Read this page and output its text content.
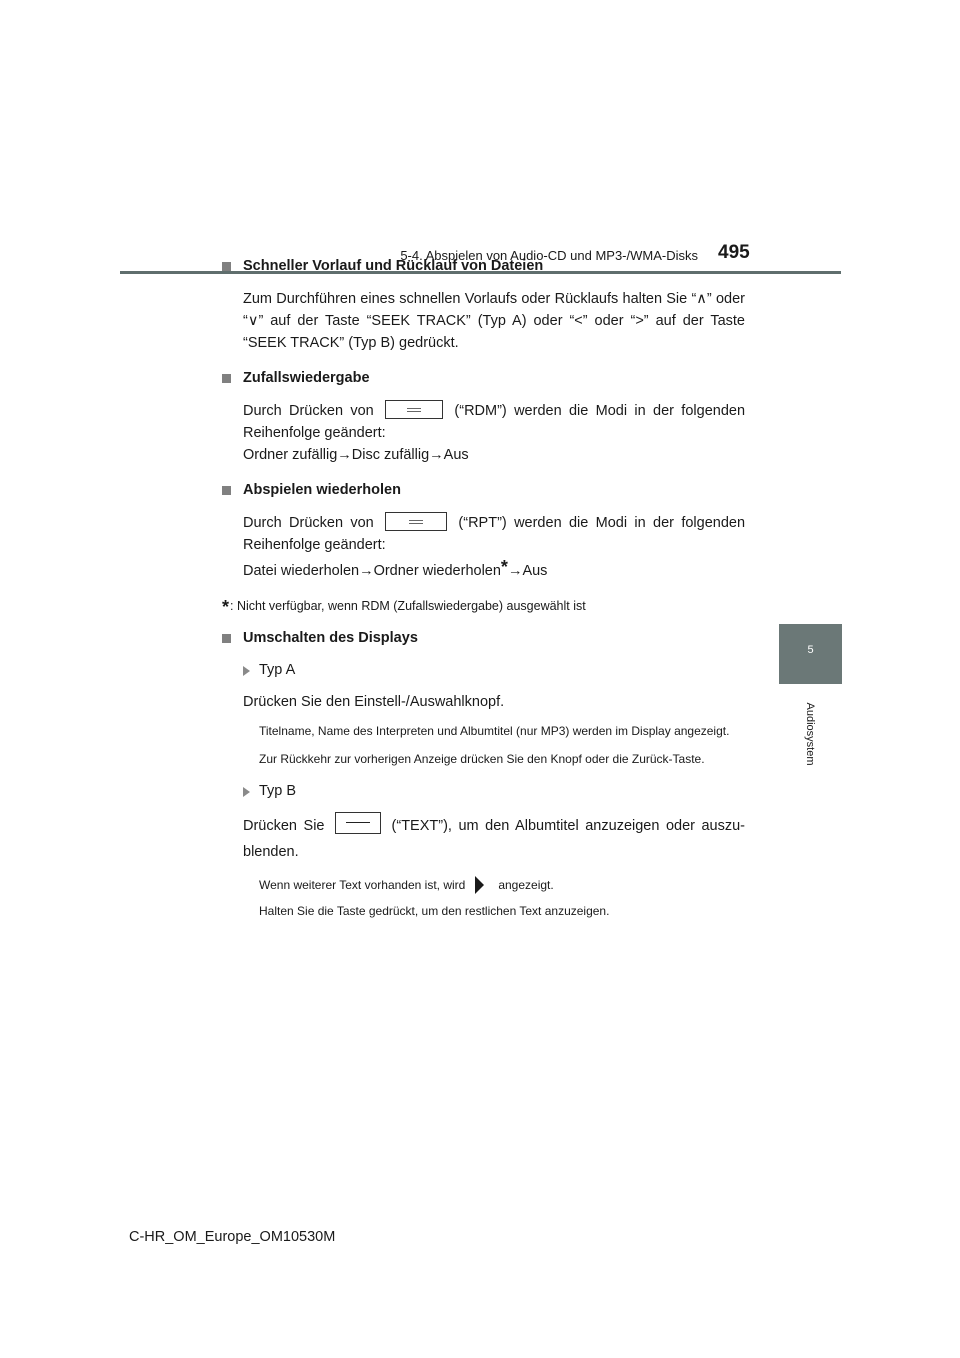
5-4. Abspielen von Audio-CD und MP3-/WMA-Disks 495
5
Audiosystem
Schneller Vorlauf und Rücklauf von Dateien
Zum Durchführen eines schnellen Vorlaufs oder Rücklaufs halten Sie “∧” oder “∨” auf der Taste “SEEK TRACK” (Typ A) oder “<” oder “>” auf der Taste “SEEK TRACK” (Typ B) gedrückt.
Zufallswiedergabe
Durch Drücken von	(“RDM”) werden die Modi in der folgenden Reihenfolge geändert:
Ordner zufällig→Disc zufällig→Aus
Abspielen wiederholen
Durch Drücken von	(“RPT”) werden die Modi in der folgenden Reihenfolge geändert:
Datei wiederholen→Ordner wiederholen*→Aus
*: Nicht verfügbar, wenn RDM (Zufallswiedergabe) ausgewählt ist
Umschalten des Displays
Typ A
Drücken Sie den Einstell-/Auswahlknopf.
Titelname, Name des Interpreten und Albumtitel (nur MP3) werden im Display angezeigt.
Zur Rückkehr zur vorherigen Anzeige drücken Sie den Knopf oder die Zurück-Taste.
Typ B
Drücken Sie	(“TEXT”), um den Albumtitel anzuzeigen oder auszu-blenden.
Wenn weiterer Text vorhanden ist, wird	angezeigt.
Halten Sie die Taste gedrückt, um den restlichen Text anzuzeigen.
C-HR_OM_Europe_OM10530M
